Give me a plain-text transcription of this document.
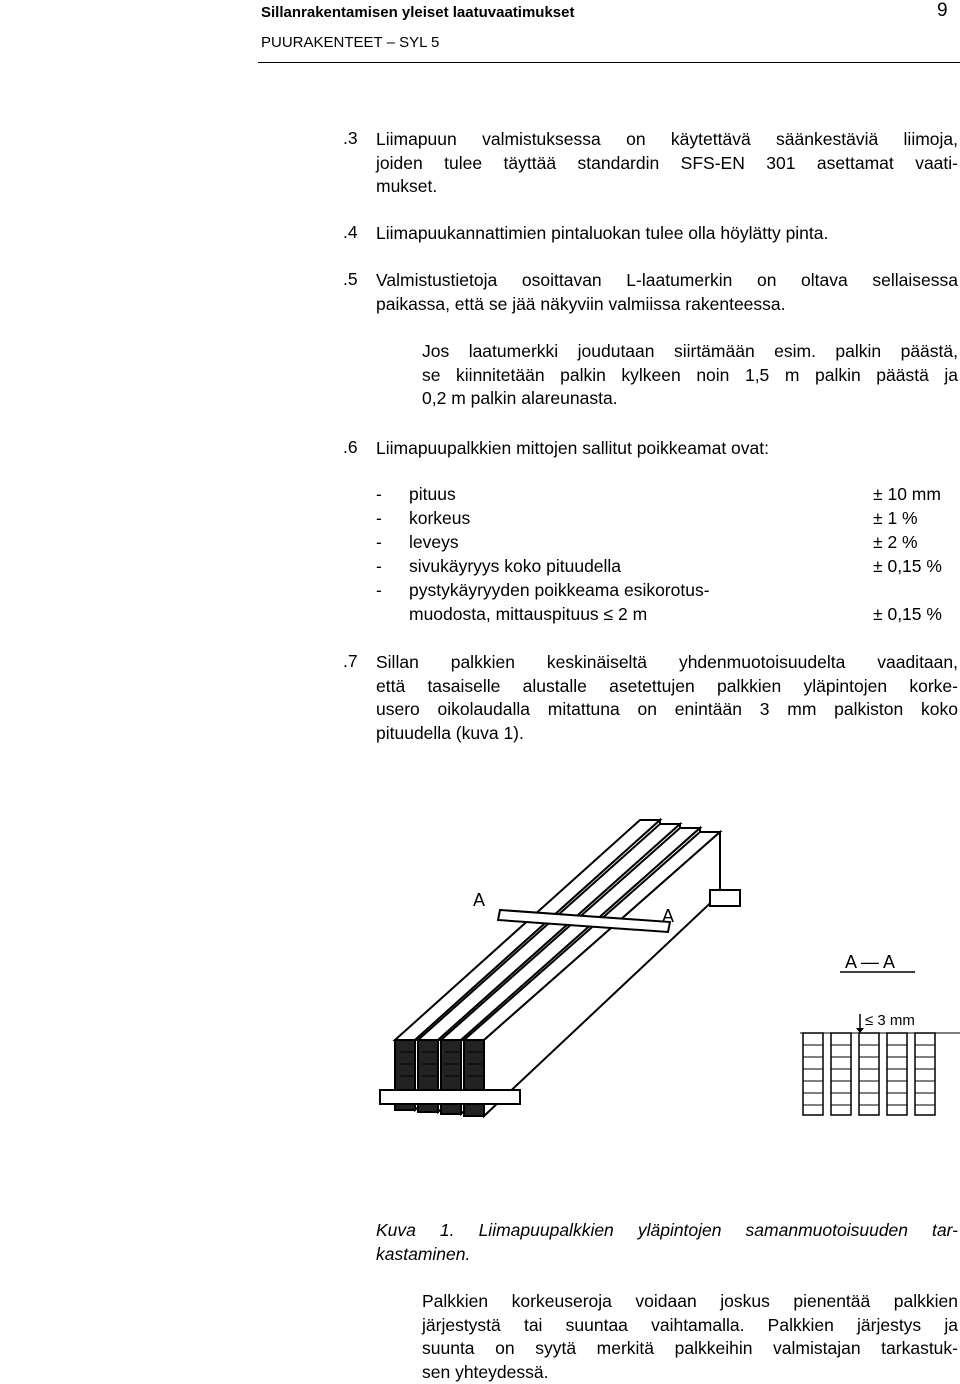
Sillanrakentamisen yleiset laatuvaatimukset	9
PUURAKENTEET – SYL 5
.3 Liimapuun valmistuksessa on käytettävä säänkestäviä liimoja,
joiden tulee täyttää standardin SFS-EN 301 asettamat vaati-
mukset.
.4 Liimapuukannattimien pintaluokan tulee olla höylätty pinta.
.5 Valmistustietoja osoittavan L-laatumerkin on oltava sellaisessa
paikassa, että se jää näkyviin valmiissa rakenteessa.
Jos laatumerkki joudutaan siirtämään esim. palkin päästä,
se kiinnitetään palkin kylkeen noin 1,5 m palkin päästä ja
0,2 m palkin alareunasta.
.6 Liimapuupalkkien mittojen sallitut poikkeamat ovat:
- pituus	± 10 mm
- korkeus	± 1 %
- leveys	± 2 %
- sivukäyryys koko pituudella	± 0,15 %
- pystykäyryyden poikkeama esikorotus-
muodosta, mittauspituus ≤ 2 m	± 0,15 %
.7 Sillan palkkien keskinäiseltä yhdenmuotoisuudelta vaaditaan,
että tasaiselle alustalle asetettujen palkkien yläpintojen korke-
usero oikolaudalla mitattuna on enintään 3 mm palkiston koko
pituudella (kuva 1).
A
A
1 2 3 4
A — A
≤ 3 mm
Kuva 1. Liimapuupalkkien yläpintojen samanmuotoisuuden tar-
kastaminen.
Palkkien korkeuseroja voidaan joskus pienentää palkkien
järjestystä tai suuntaa vaihtamalla. Palkkien järjestys ja
suunta on syytä merkitä palkkeihin valmistajan tarkastuk-
sen yhteydessä.
